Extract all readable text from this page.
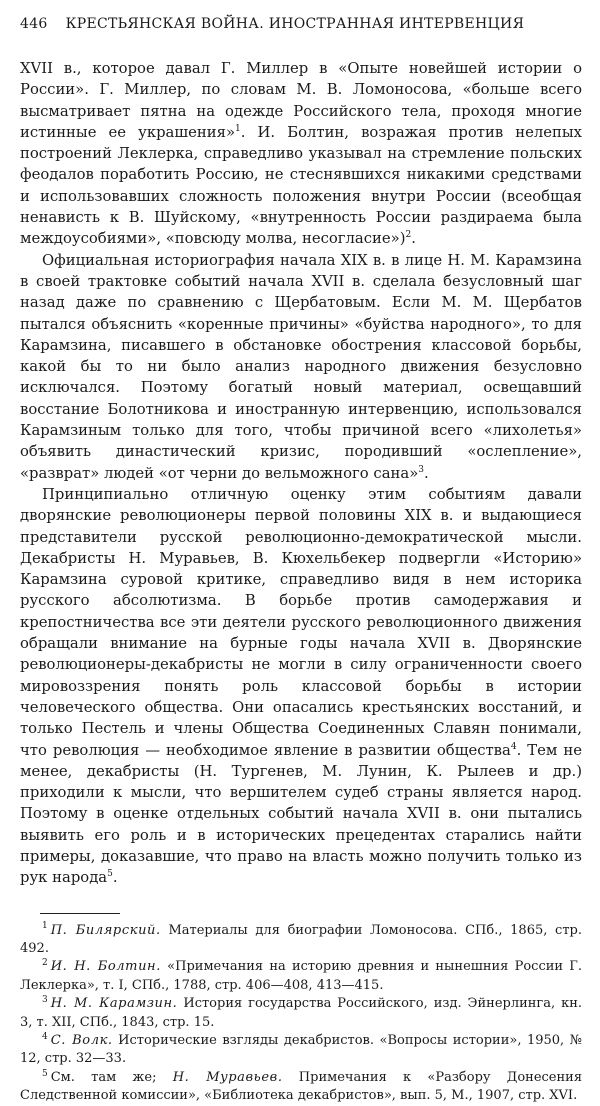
446 КРЕСТЬЯНСКАЯ ВОЙНА. ИНОСТРАННАЯ ИНТЕРВЕНЦИЯ

XVII в., которое давал Г. Миллер в «Опыте новейшей истории о России». Г. Миллер, по словам М. В. Ломоносова, «больше всего высматривает пятна на одежде Российского тела, проходя многие истинные ее украшения»$^1$. И. Болтин, возражая против нелепых построений Леклерка, справедливо указывал на стремление польских феодалов поработить Россию, не стеснявшихся никакими средствами и использовавших сложность положения внутри России (всеобщая ненависть к В. Шуйскому, «внутренность России раздираема была междоусобиями», «повсюду молва, несогласие»)$^2$.

Официальная историография начала XIX в. в лице Н. М. Карамзина в своей трактовке событий начала XVII в. сделала безусловный шаг назад даже по сравнению с Щербатовым. Если М. М. Щербатов пытался объяснить «коренные причины» «буйства народного», то для Карамзина, писавшего в обстановке обострения классовой борьбы, какой бы то ни было анализ народного движения безусловно исключался. Поэтому богатый новый материал, освещавший восстание Болотникова и иностранную интервенцию, использовался Карамзиным только для того, чтобы причиной всего «лихолетья» объявить династический кризис, породивший «ослепление», «разврат» людей «от черни до вельможного сана»$^3$.

Принципиально отличную оценку этим событиям давали дворянские революционеры первой половины XIX в. и выдающиеся представители русской революционно-демократической мысли. Декабристы Н. Муравьев, В. Кюхельбекер подвергли «Историю» Карамзина суровой критике, справедливо видя в нем историка русского абсолютизма. В борьбе против самодержавия и крепостничества все эти деятели русского революционного движения обращали внимание на бурные годы начала XVII в. Дворянские революционеры-декабристы не могли в силу ограниченности своего мировоззрения понять роль классовой борьбы в истории человеческого общества. Они опасались крестьянских восстаний, и только Пестель и члены Общества Соединенных Славян понимали, что революция — необходимое явление в развитии общества$^4$. Тем не менее, декабристы (Н. Тургенев, М. Лунин, К. Рылеев и др.) приходили к мысли, что вершителем судеб страны является народ. Поэтому в оценке отдельных событий начала XVII в. они пытались выявить его роль и в исторических прецедентах старались найти примеры, доказавшие, что право на власть можно получить только из рук народа$^5$.

$^1$ П. Билярский. Материалы для биографии Ломоносова. СПб., 1865, стр. 492.

$^2$ И. Н. Болтин. «Примечания на историю древния и нынешния России Г. Леклерка», т. I, СПб., 1788, стр. 406—408, 413—415.

$^3$ Н. М. Карамзин. История государства Российского, изд. Эйнерлинга, кн. 3, т. XII, СПб., 1843, стр. 15.

$^4$ С. Волк. Исторические взгляды декабристов. «Вопросы истории», 1950, № 12, стр. 32—33.

$^5$ См. там же; Н. Муравьев. Примечания к «Разбору Донесения Следственной комиссии», «Библиотека декабристов», вып. 5, М., 1907, стр. XVI.
